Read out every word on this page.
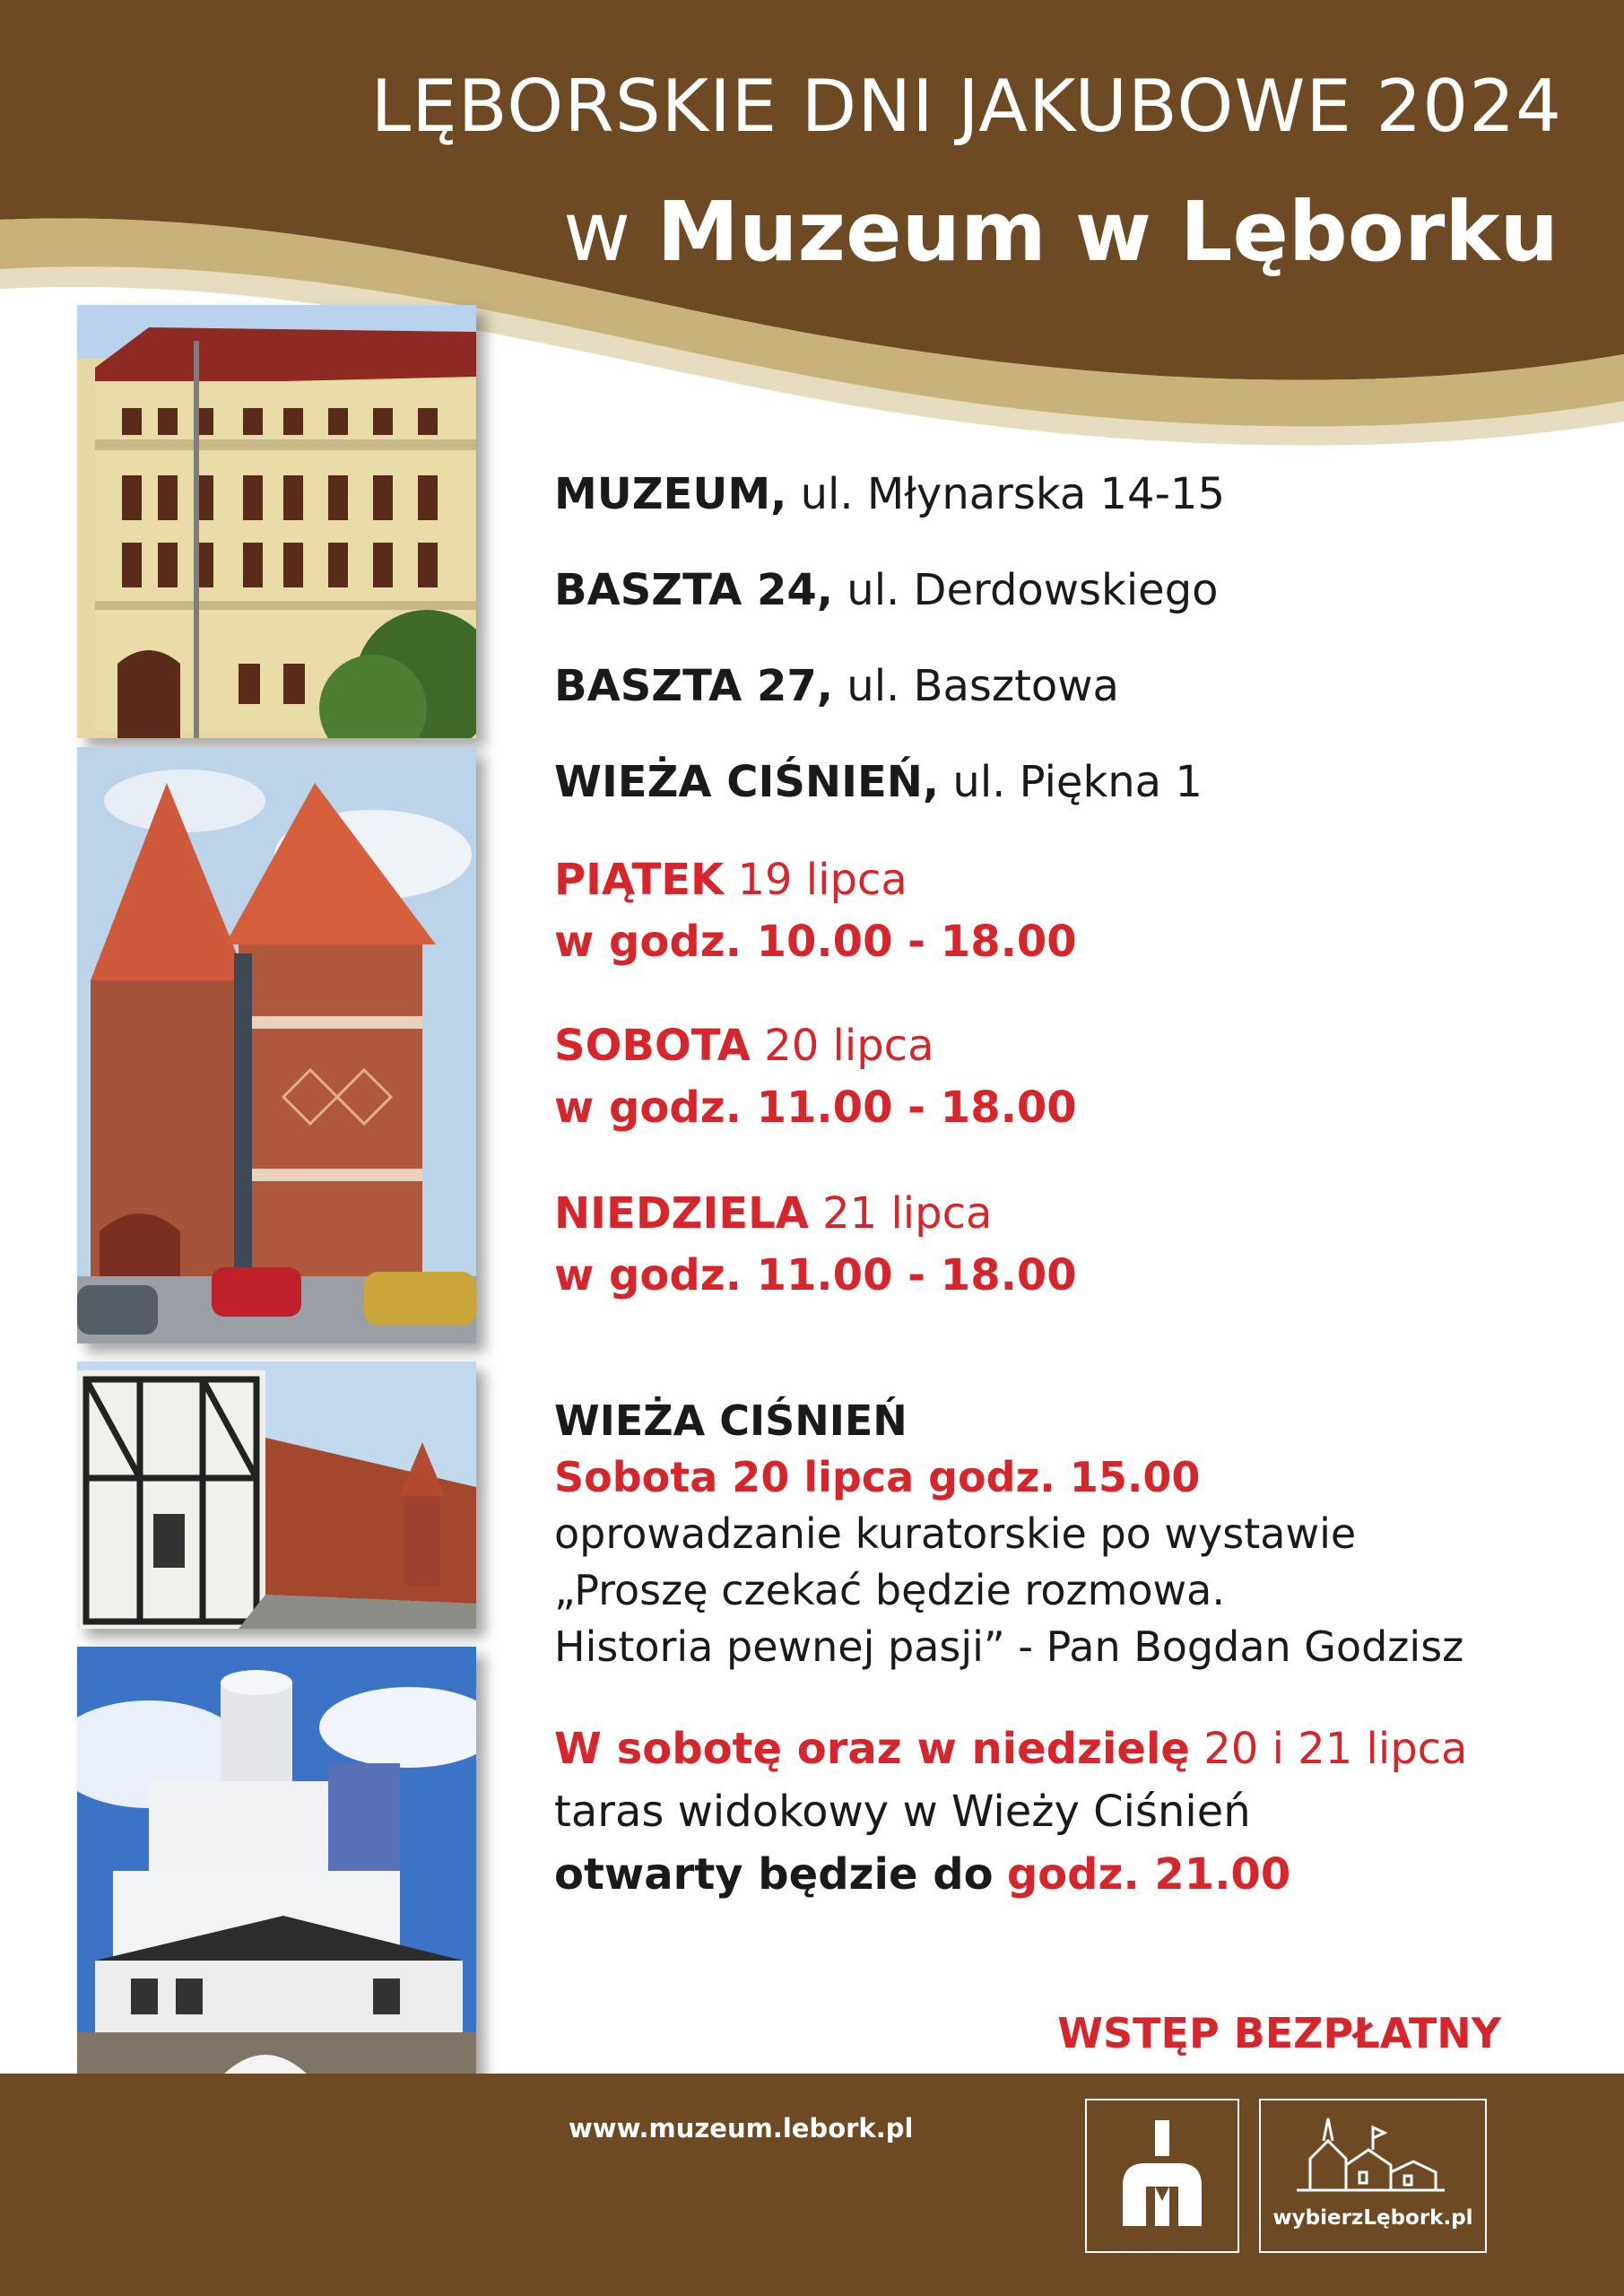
LĘBORSKIE DNI JAKUBOWE 2024
w Muzeum w Lęborku
MUZEUM, ul. Młynarska 14-15
BASZTA 24, ul. Derdowskiego
BASZTA 27, ul. Basztowa
WIEŻA CIŚNIEŃ, ul. Piękna 1
PIĄTEK 19 lipca
w godz. 10.00 - 18.00
SOBOTA 20 lipca
w godz. 11.00 - 18.00
NIEDZIELA 21 lipca
w godz. 11.00 - 18.00
WIEŻA CIŚNIEŃ
Sobota 20 lipca godz. 15.00
oprowadzanie kuratorskie po wystawie
„Proszę czekać będzie rozmowa.
Historia pewnej pasji” - Pan Bogdan Godzisz
W sobotę oraz w niedzielę 20 i 21 lipca
taras widokowy w Wieży Ciśnień
otwarty będzie do godz. 21.00
WSTĘP BEZPŁATNY
www.muzeum.lebork.pl
wybierzLębork.pl
